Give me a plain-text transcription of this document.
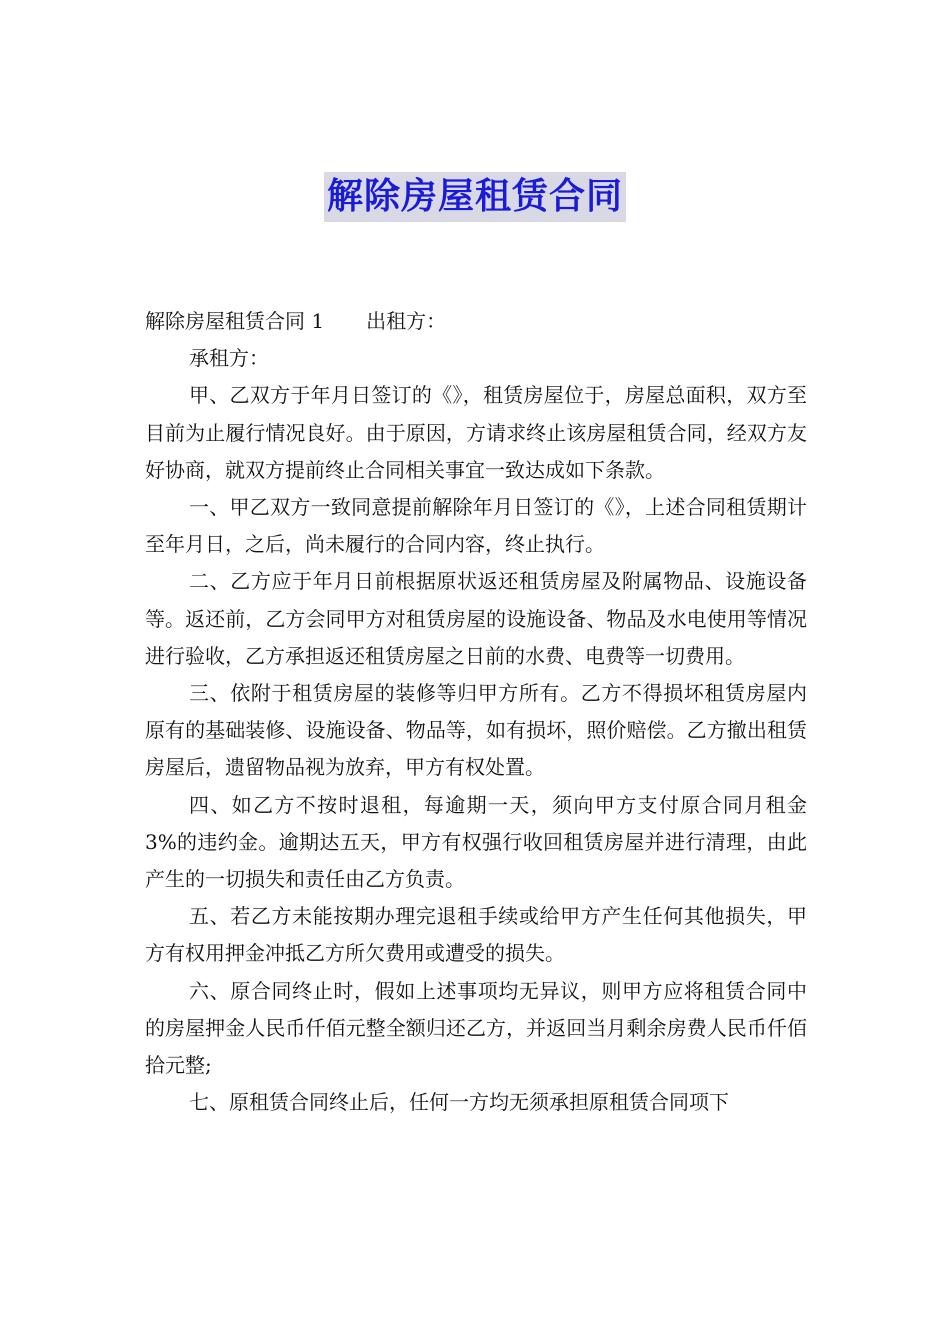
解除房屋租赁合同

解除房屋租赁合同 1 出租方：

承租方：

甲、乙双方于年月日签订的《》，租赁房屋位于，房屋总面积，双方至目前为止履行情况良好。由于原因，方请求终止该房屋租赁合同，经双方友好协商，就双方提前终止合同相关事宜一致达成如下条款。

一、甲乙双方一致同意提前解除年月日签订的《》，上述合同租赁期计至年月日，之后，尚未履行的合同内容，终止执行。

二、乙方应于年月日前根据原状返还租赁房屋及附属物品、设施设备等。返还前，乙方会同甲方对租赁房屋的设施设备、物品及水电使用等情况进行验收，乙方承担返还租赁房屋之日前的水费、电费等一切费用。

三、依附于租赁房屋的装修等归甲方所有。乙方不得损坏租赁房屋内原有的基础装修、设施设备、物品等，如有损坏，照价赔偿。乙方撤出租赁房屋后，遗留物品视为放弃，甲方有权处置。

四、如乙方不按时退租，每逾期一天，须向甲方支付原合同月租金 3%的违约金。逾期达五天，甲方有权强行收回租赁房屋并进行清理，由此产生的一切损失和责任由乙方负责。

五、若乙方未能按期办理完退租手续或给甲方产生任何其他损失，甲方有权用押金冲抵乙方所欠费用或遭受的损失。

六、原合同终止时，假如上述事项均无异议，则甲方应将租赁合同中的房屋押金人民币仟佰元整全额归还乙方，并返回当月剩余房费人民币仟佰拾元整;

七、原租赁合同终止后，任何一方均无须承担原租赁合同项下
